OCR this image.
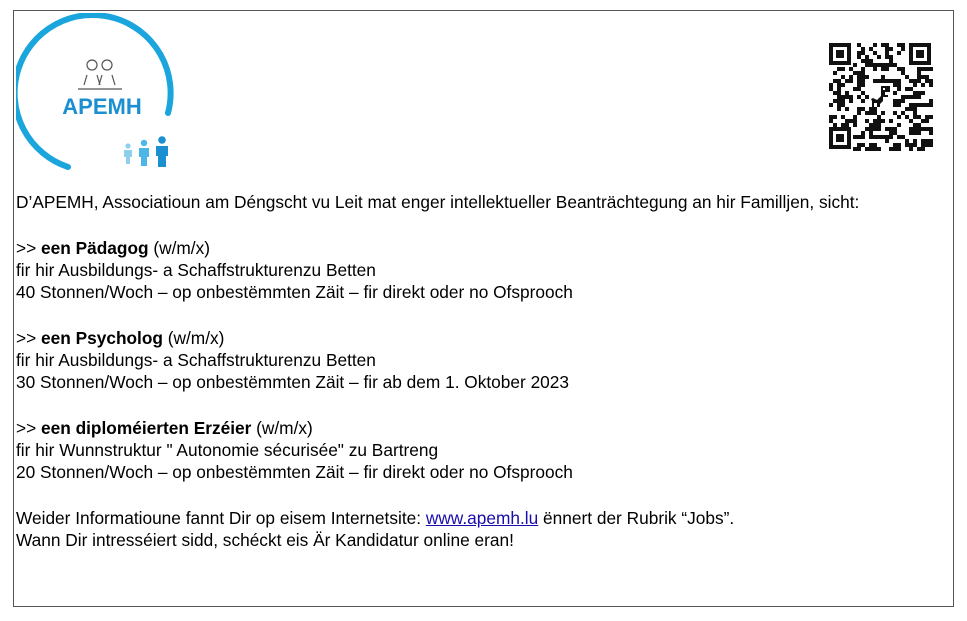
APEMH

D’APEMH, Associatioun am Déngscht vu Leit mat enger intellektueller Beanträchtegung an hir Familljen, sicht:

>> een Pädagog (w/m/x)
fir hir Ausbildungs- a Schaffstrukturenzu Betten
40 Stonnen/Woch – op onbestëmmten Zäit – fir direkt oder no Ofsprooch

>> een Psycholog (w/m/x)
fir hir Ausbildungs- a Schaffstrukturenzu Betten
30 Stonnen/Woch – op onbestëmmten Zäit – fir ab dem 1. Oktober 2023

>> een diploméierten Erzéier (w/m/x)
fir hir Wunnstruktur " Autonomie sécurisée" zu Bartreng
20 Stonnen/Woch – op onbestëmmten Zäit – fir direkt oder no Ofsprooch

Weider Informatioune fannt Dir op eisem Internetsite: www.apemh.lu ënnert der Rubrik “Jobs”.
Wann Dir intresséiert sidd, schéckt eis Är Kandidatur online eran!
